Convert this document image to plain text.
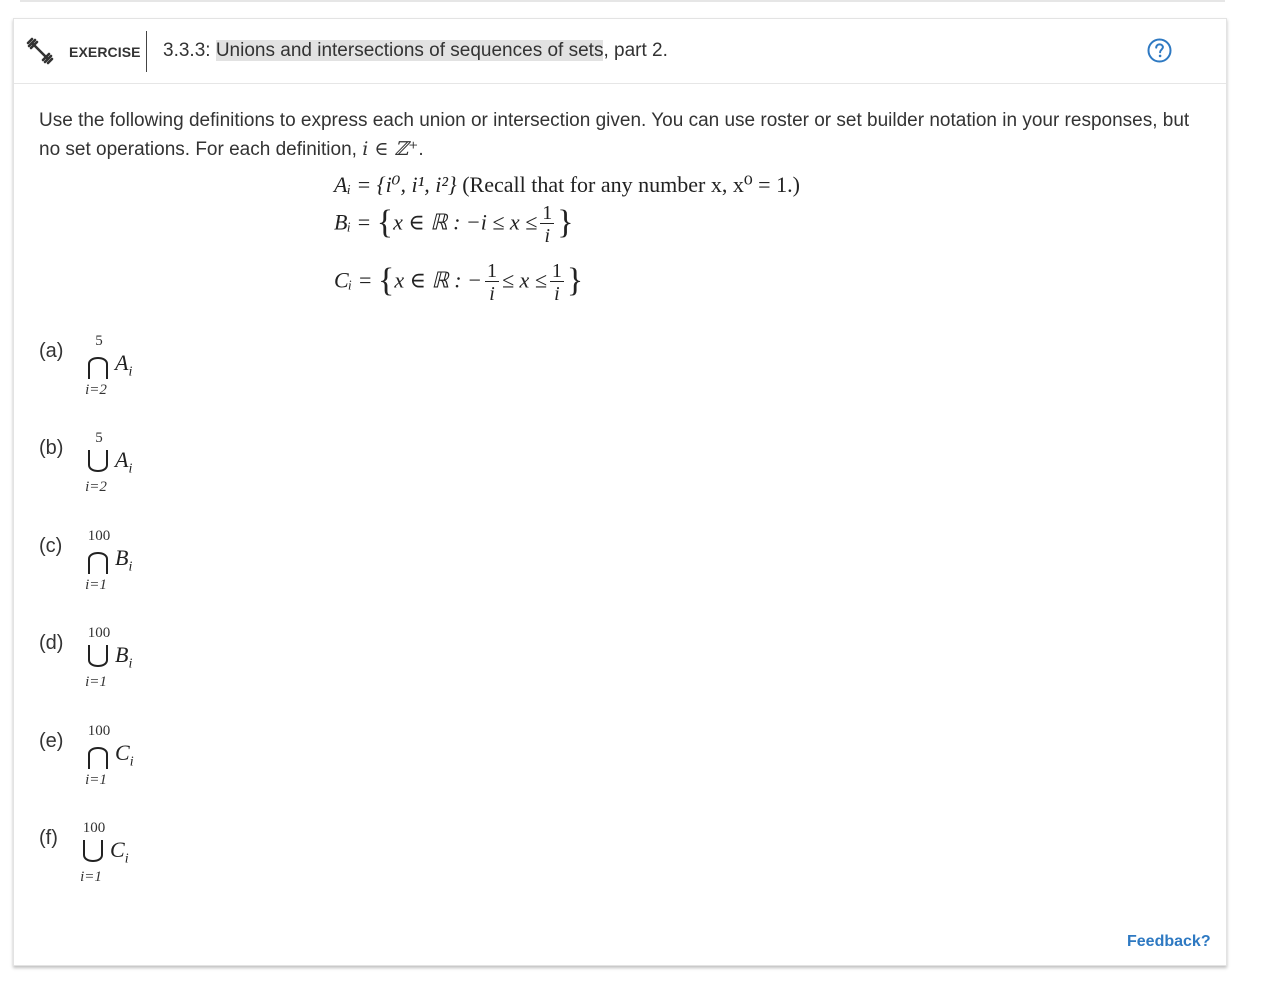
EXERCISE 3.3.3: Unions and intersections of sequences of sets, part 2.
Use the following definitions to express each union or intersection given. You can use roster or set builder notation in your responses, but no set operations. For each definition, i ∈ ℤ⁺.
Aᵢ = {i⁰, i¹, i²} (Recall that for any number x, x⁰ = 1.)
Bᵢ = {x ∈ ℝ : $-i \le x \le \frac{1}{i}$ }
Cᵢ = {x ∈ ℝ : − $\frac{1}{i} \le x \le \frac{1}{i}$ }
(a)	5
i=2
$A_i$
(b)	5
i=2
$A_i$
(c)	100
i=1
$B_i$
(d)	100
i=1
$B_i$
(e)	100
i=1
$C_i$
(f)	100
i=1
$C_i$
Feedback?
